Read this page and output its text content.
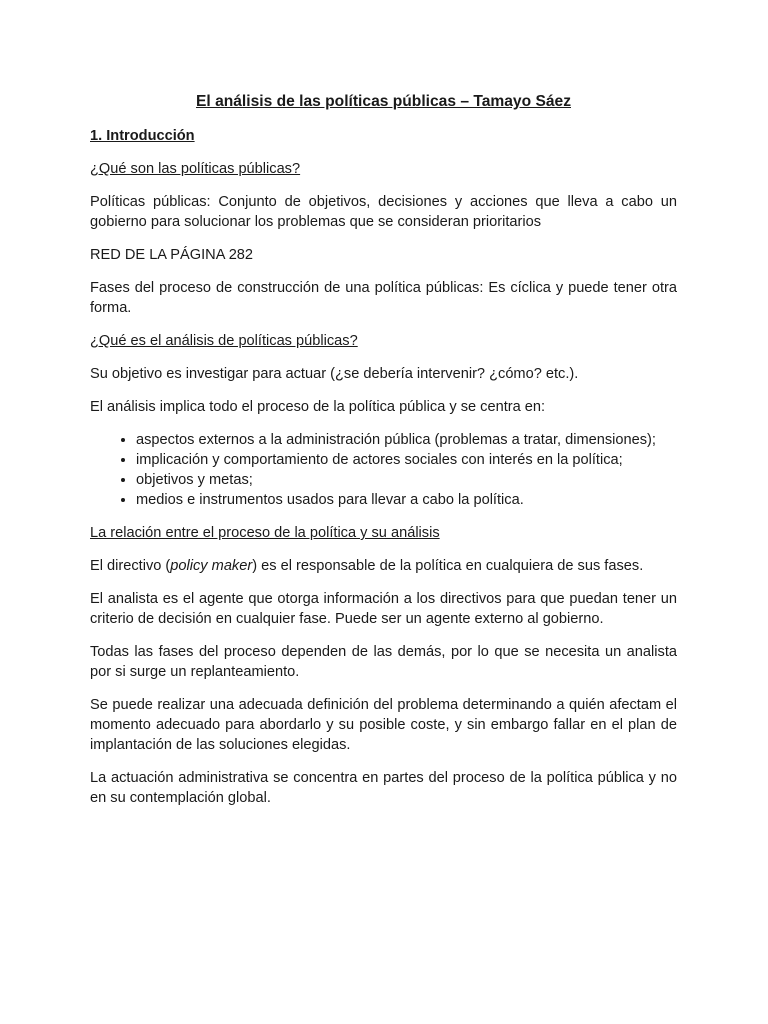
El análisis de las políticas públicas – Tamayo Sáez
1. Introducción
¿Qué son las políticas públicas?

Políticas públicas: Conjunto de objetivos, decisiones y acciones que lleva a cabo un gobierno para solucionar los problemas que se consideran prioritarios

RED DE LA PÁGINA 282

Fases del proceso de construcción de una política públicas: Es cíclica y puede tener otra forma.

¿Qué es el análisis de políticas públicas?

Su objetivo es investigar para actuar (¿se debería intervenir? ¿cómo? etc.).

El análisis implica todo el proceso de la política pública y se centra en:

• aspectos externos a la administración pública (problemas a tratar, dimensiones);
• implicación y comportamiento de actores sociales con interés en la política;
• objetivos y metas;
• medios e instrumentos usados para llevar a cabo la política.
La relación entre el proceso de la política y su análisis

El directivo (policy maker) es el responsable de la política en cualquiera de sus fases.

El analista es el agente que otorga información a los directivos para que puedan tener un criterio de decisión en cualquier fase. Puede ser un agente externo al gobierno.

Todas las fases del proceso dependen de las demás, por lo que se necesita un analista por si surge un replanteamiento.

Se puede realizar una adecuada definición del problema determinando a quién afectam el momento adecuado para abordarlo y su posible coste, y sin embargo fallar en el plan de implantación de las soluciones elegidas.

La actuación administrativa se concentra en partes del proceso de la política pública y no en su contemplación global.
